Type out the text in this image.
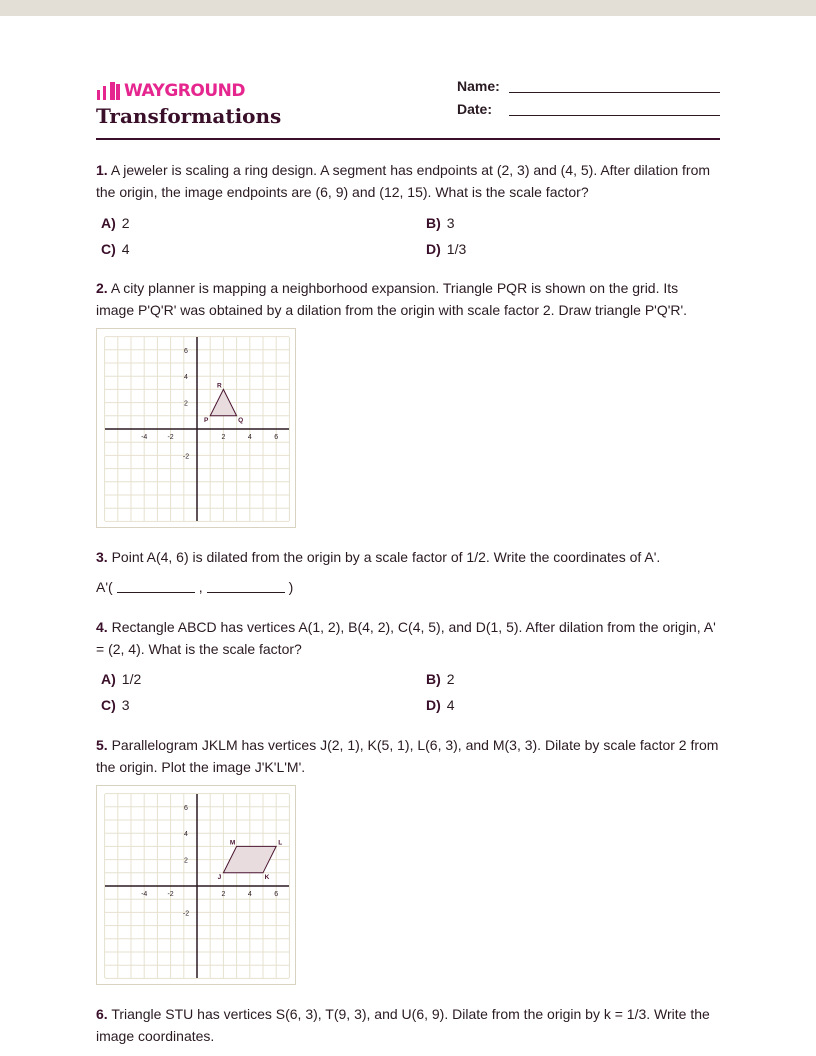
WAYGROUND
Transformations
Name:
Date:
1. A jeweler is scaling a ring design. A segment has endpoints at (2, 3) and (4, 5). After dilation from the origin, the image endpoints are (6, 9) and (12, 15). What is the scale factor?
A) 2	B) 3
C) 4	D) 1/3
2. A city planner is mapping a neighborhood expansion. Triangle PQR is shown on the grid. Its image P'Q'R' was obtained by a dilation from the origin with scale factor 2. Draw triangle P'Q'R'.
-4	-2	2	4	6
6
4
2
-2
P	Q
R
3. Point A(4, 6) is dilated from the origin by a scale factor of 1/2. Write the coordinates of A'.
A'(	,	)
4. Rectangle ABCD has vertices A(1, 2), B(4, 2), C(4, 5), and D(1, 5). After dilation from the origin, A' = (2, 4). What is the scale factor?
A) 1/2	B) 2
C) 3	D) 4
5. Parallelogram JKLM has vertices J(2, 1), K(5, 1), L(6, 3), and M(3, 3). Dilate by scale factor 2 from the origin. Plot the image J'K'L'M'.
-4	-2	2	4	6
6
4
2
-2
J	K
L
M
6. Triangle STU has vertices S(6, 3), T(9, 3), and U(6, 9). Dilate from the origin by k = 1/3. Write the image coordinates.
